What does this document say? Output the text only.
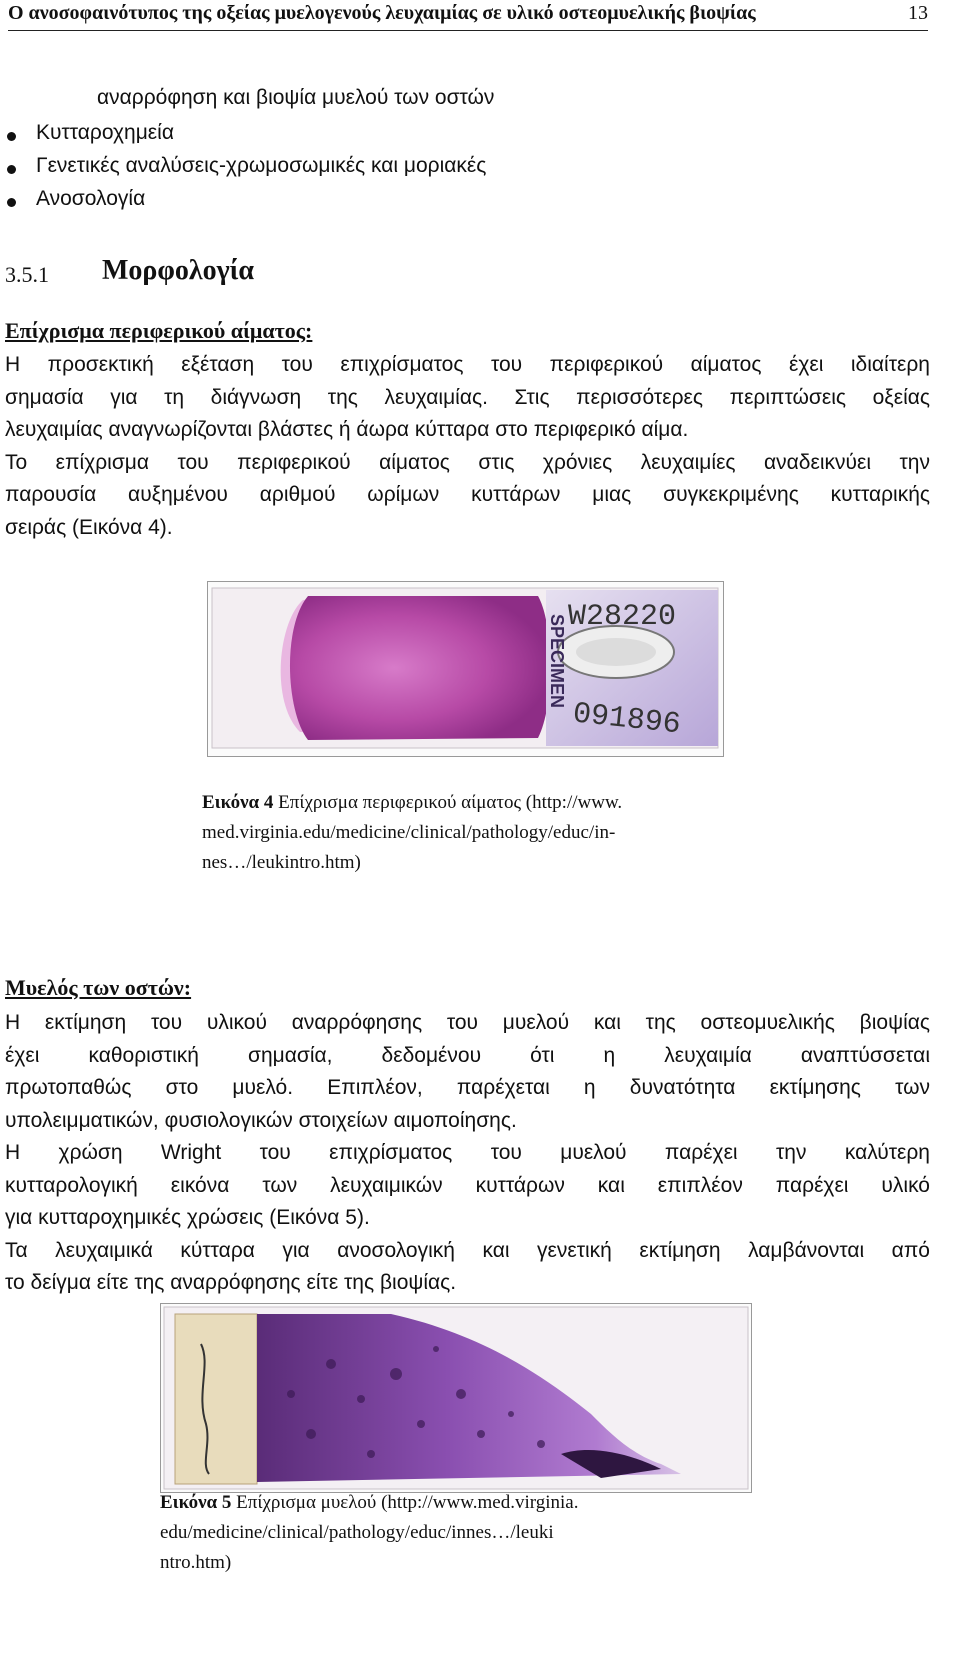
Ο ανοσοφαινότυπος της οξείας μυελογενούς λευχαιμίας σε υλικό οστεομυελικής βιοψίας	13
αναρρόφηση και βιοψία μυελού των οστών
Κυτταροχημεία
Γενετικές αναλύσεις-χρωμοσωμικές και μοριακές
Ανοσολογία
3.5.1 Μορφολογία
Επίχρισμα περιφερικού αίματος:

Η προσεκτική εξέταση του επιχρίσματος του περιφερικού αίματος έχει ιδιαίτερη

σημασία για τη διάγνωση της λευχαιμίας. Στις περισσότερες περιπτώσεις οξείας

λευχαιμίας αναγνωρίζονται βλάστες ή άωρα κύτταρα στο περιφερικό αίμα.

Το επίχρισμα του περιφερικού αίματος στις χρόνιες λευχαιμίες αναδεικνύει την

παρουσία αυξημένου αριθμού ωρίμων κυττάρων μιας συγκεκριμένης κυτταρικής

σειράς (Εικόνα 4).

W28220
091896
SPECIMEN
Εικόνα 4 Επίχρισμα περιφερικού αίματος (http://www.
med.virginia.edu/medicine/clinical/pathology/educ/in-
nes…/leukintro.htm)
Μυελός των οστών:

Η εκτίμηση του υλικού αναρρόφησης του μυελού και της οστεομυελικής βιοψίας

έχει καθοριστική σημασία, δεδομένου ότι η λευχαιμία αναπτύσσεται

πρωτοπαθώς στο μυελό. Επιπλέον, παρέχεται η δυνατότητα εκτίμησης των

υπολειμματικών, φυσιολογικών στοιχείων αιμοποίησης.

Η χρώση Wright του επιχρίσματος του μυελού παρέχει την καλύτερη

κυτταρολογική εικόνα των λευχαιμικών κυττάρων και επιπλέον παρέχει υλικό

για κυτταροχημικές χρώσεις (Εικόνα 5).

Τα λευχαιμικά κύτταρα για ανοσολογική και γενετική εκτίμηση λαμβάνονται από

το δείγμα είτε της αναρρόφησης είτε της βιοψίας.

Εικόνα 5 Επίχρισμα μυελού (http://www.med.virginia.
edu/medicine/clinical/pathology/educ/innes…/leuki
ntro.htm)
